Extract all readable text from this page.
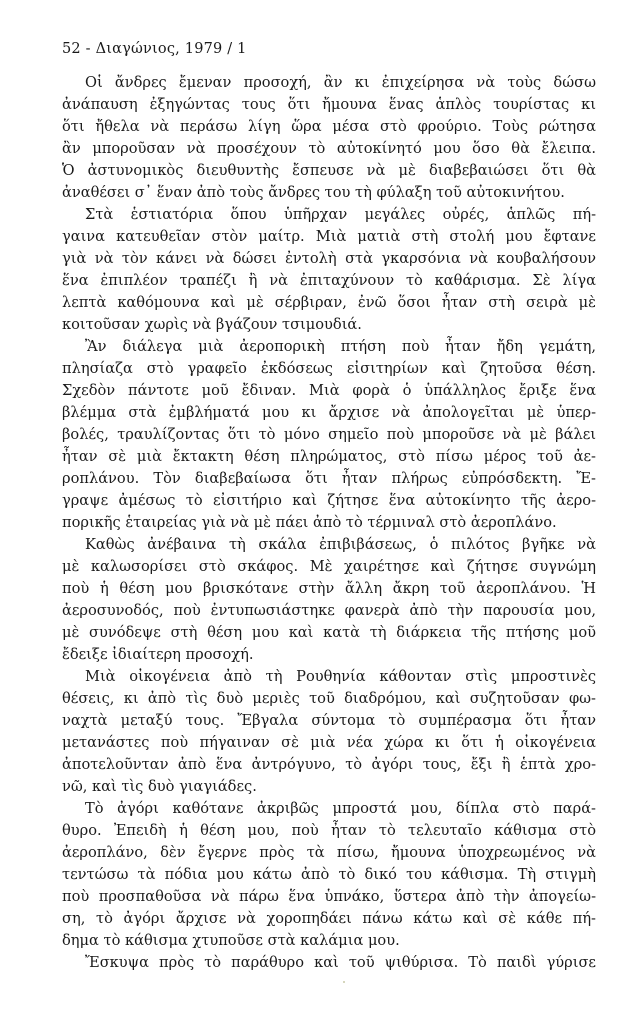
52 - Διαγώνιος, 1979 / 1
Οἱ ἄνδρες ἔμεναν προσοχή, ἂν κι ἐπιχείρησα νὰ τοὺς δώσω
ἀνάπαυση ἐξηγώντας τους ὅτι ἤμουνα ἕνας ἁπλὸς τουρίστας κι
ὅτι ἤθελα νὰ περάσω λίγη ὥρα μέσα στὸ φρούριο. Τοὺς ρώτησα
ἂν μποροῦσαν νὰ προσέχουν τὸ αὐτοκίνητό μου ὅσο θὰ ἔλειπα.
Ὁ ἀστυνομικὸς διευθυντὴς ἔσπευσε νὰ μὲ διαβεβαιώσει ὅτι θὰ
ἀναθέσει σ᾽ ἕναν ἀπὸ τοὺς ἄνδρες του τὴ φύλαξη τοῦ αὐτοκινήτου.
Στὰ ἑστιατόρια ὅπου ὑπῆρχαν μεγάλες οὐρές, ἁπλῶς πή-
γαινα κατευθεῖαν στὸν μαίτρ. Μιὰ ματιὰ στὴ στολή μου ἔφτανε
γιὰ νὰ τὸν κάνει νὰ δώσει ἐντολὴ στὰ γκαρσόνια νὰ κουβαλήσουν
ἕνα ἐπιπλέον τραπέζι ἢ νὰ ἐπιταχύνουν τὸ καθάρισμα. Σὲ λίγα
λεπτὰ καθόμουνα καὶ μὲ σέρβιραν, ἐνῶ ὅσοι ἦταν στὴ σειρὰ μὲ
κοιτοῦσαν χωρὶς νὰ βγάζουν τσιμουδιά.
Ἂν διάλεγα μιὰ ἀεροπορικὴ πτήση ποὺ ἦταν ἤδη γεμάτη,
πλησίαζα στὸ γραφεῖο ἐκδόσεως εἰσιτηρίων καὶ ζητοῦσα θέση.
Σχεδὸν πάντοτε μοῦ ἔδιναν. Μιὰ φορὰ ὁ ὑπάλληλος ἔριξε ἕνα
βλέμμα στὰ ἐμβλήματά μου κι ἄρχισε νὰ ἀπολογεῖται μὲ ὑπερ-
βολές, τραυλίζοντας ὅτι τὸ μόνο σημεῖο ποὺ μποροῦσε νὰ μὲ βάλει
ἦταν σὲ μιὰ ἔκτακτη θέση πληρώματος, στὸ πίσω μέρος τοῦ ἀε-
ροπλάνου. Τὸν διαβεβαίωσα ὅτι ἦταν πλήρως εὐπρόσδεκτη. Ἔ-
γραψε ἀμέσως τὸ εἰσιτήριο καὶ ζήτησε ἕνα αὐτοκίνητο τῆς ἀερο-
πορικῆς ἑταιρείας γιὰ νὰ μὲ πάει ἀπὸ τὸ τέρμιναλ στὸ ἀεροπλάνο.
Καθὼς ἀνέβαινα τὴ σκάλα ἐπιβιβάσεως, ὁ πιλότος βγῆκε νὰ
μὲ καλωσορίσει στὸ σκάφος. Μὲ χαιρέτησε καὶ ζήτησε συγνώμη
ποὺ ἡ θέση μου βρισκότανε στὴν ἄλλη ἄκρη τοῦ ἀεροπλάνου. Ἡ
ἀεροσυνοδός, ποὺ ἐντυπωσιάστηκε φανερὰ ἀπὸ τὴν παρουσία μου,
μὲ συνόδεψε στὴ θέση μου καὶ κατὰ τὴ διάρκεια τῆς πτήσης μοῦ
ἔδειξε ἰδιαίτερη προσοχή.
Μιὰ οἰκογένεια ἀπὸ τὴ Ρουθηνία κάθονταν στὶς μπροστινὲς
θέσεις, κι ἀπὸ τὶς δυὸ μεριὲς τοῦ διαδρόμου, καὶ συζητοῦσαν φω-
ναχτὰ μεταξύ τους. Ἔβγαλα σύντομα τὸ συμπέρασμα ὅτι ἦταν
μετανάστες ποὺ πήγαιναν σὲ μιὰ νέα χώρα κι ὅτι ἡ οἰκογένεια
ἀποτελοῦνταν ἀπὸ ἕνα ἀντρόγυνο, τὸ ἀγόρι τους, ἔξι ἢ ἑπτὰ χρο-
νῶ, καὶ τὶς δυὸ γιαγιάδες.
Τὸ ἀγόρι καθότανε ἀκριβῶς μπροστά μου, δίπλα στὸ παρά-
θυρο. Ἐπειδὴ ἡ θέση μου, ποὺ ἦταν τὸ τελευταῖο κάθισμα στὸ
ἀεροπλάνο, δὲν ἔγερνε πρὸς τὰ πίσω, ἤμουνα ὑποχρεωμένος νὰ
τεντώσω τὰ πόδια μου κάτω ἀπὸ τὸ δικό του κάθισμα. Τὴ στιγμὴ
ποὺ προσπαθοῦσα νὰ πάρω ἕνα ὑπνάκο, ὕστερα ἀπὸ τὴν ἀπογείω-
ση, τὸ ἀγόρι ἄρχισε νὰ χοροπηδάει πάνω κάτω καὶ σὲ κάθε πή-
δημα τὸ κάθισμα χτυποῦσε στὰ καλάμια μου.
Ἔσκυψα πρὸς τὸ παράθυρο καὶ τοῦ ψιθύρισα. Τὸ παιδὶ γύρισε
